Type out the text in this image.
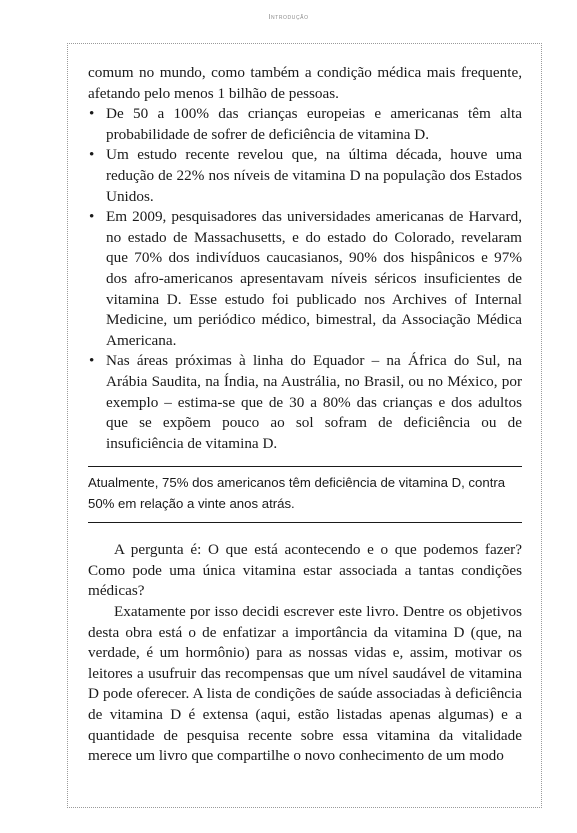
Introdução

comum no mundo, como também a condição médica mais frequente, afetando pelo menos 1 bilhão de pessoas.

• De 50 a 100% das crianças europeias e americanas têm alta probabilidade de sofrer de deficiência de vitamina D.
• Um estudo recente revelou que, na última década, houve uma redução de 22% nos níveis de vitamina D na população dos Estados Unidos.
• Em 2009, pesquisadores das universidades americanas de Harvard, no estado de Massachusetts, e do estado do Colorado, revelaram que 70% dos indivíduos caucasianos, 90% dos hispânicos e 97% dos afro-americanos apresentavam níveis séricos insuficientes de vitamina D. Esse estudo foi publicado nos Archives of Internal Medicine, um periódico médico, bimestral, da Associação Médica Americana.
• Nas áreas próximas à linha do Equador – na África do Sul, na Arábia Saudita, na Índia, na Austrália, no Brasil, ou no México, por exemplo – estima-se que de 30 a 80% das crianças e dos adultos que se expõem pouco ao sol sofram de deficiência ou de insuficiência de vitamina D.
Atualmente, 75% dos americanos têm deficiência de vitamina D, contra 50% em relação a vinte anos atrás.

A pergunta é: O que está acontecendo e o que podemos fazer? Como pode uma única vitamina estar associada a tantas condições médicas?

Exatamente por isso decidi escrever este livro. Dentre os objetivos desta obra está o de enfatizar a importância da vitamina D (que, na verdade, é um hormônio) para as nossas vidas e, assim, motivar os leitores a usufruir das recompensas que um nível saudável de vitamina D pode oferecer. A lista de condições de saúde associadas à deficiência de vitamina D é extensa (aqui, estão listadas apenas algumas) e a quantidade de pesquisa recente sobre essa vitamina da vitalidade merece um livro que compartilhe o novo conhecimento de um modo
